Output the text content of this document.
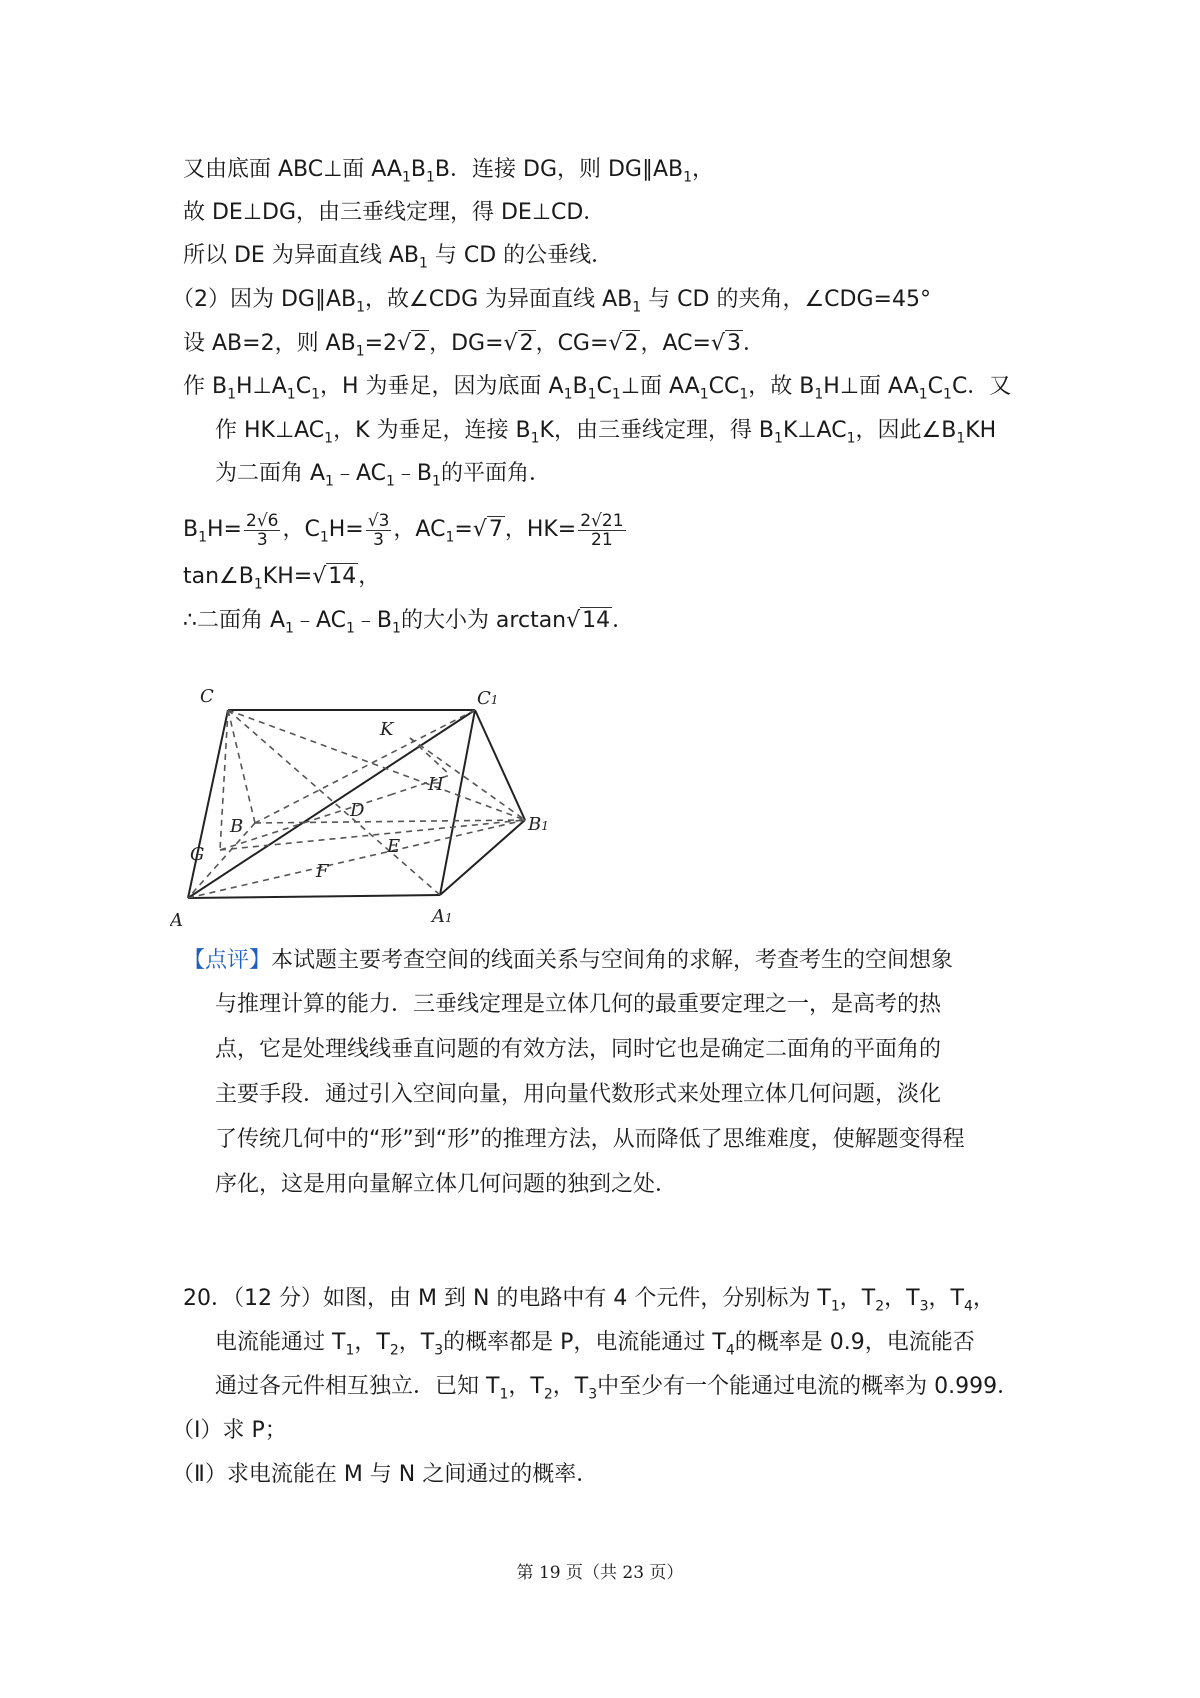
又由底面 ABC⊥面 $AA_1B_1B$．连接 DG，则 $DG\parallel AB_1$，
故 DE⊥DG，由三垂线定理，得 DE⊥CD．
所以 DE 为异面直线 $AB_1$ 与 CD 的公垂线．
（2）因为 $DG\parallel AB_1$，故∠CDG 为异面直线 $AB_1$ 与 CD 的夹角，∠CDG=45°
设 AB=2，则 $AB_1=2√2$，DG=√2，CG=√2，AC=√3．
作 $B_1H\perp A_1C_1$，H 为垂足，因为底面 $A_1B_1C_1\perp$面 $AA_1CC_1$，故 $B_1H\perp$面 $AA_1C_1C$．又
作 $HK\perp AC_1$，K 为垂足，连接 $B_1K$，由三垂线定理，得 $B_1K\perp AC_1$，因此$\angle B_1KH$
为二面角 $A_1﹣AC_1﹣B_1$的平面角．
$B_1H= \frac{2√6}{3}$ ，$C_1H= \frac{√3}{3}$ ，$AC_1=√7$，$HK= \frac{2√21}{21}$
$\tan\angle B_1KH=√14$，
∴二面角 $A_1﹣AC_1﹣B_1$的大小为 arctan√14．
C	C1
K
H
B
D
B1
G	E
F
A	A1
【点评】本试题主要考查空间的线面关系与空间角的求解，考查考生的空间想象
与推理计算的能力．三垂线定理是立体几何的最重要定理之一，是高考的热
点，它是处理线线垂直问题的有效方法，同时它也是确定二面角的平面角的
主要手段．通过引入空间向量，用向量代数形式来处理立体几何问题，淡化
了传统几何中的“形”到“形”的推理方法，从而降低了思维难度，使解题变得程
序化，这是用向量解立体几何问题的独到之处．
20．（12 分）如图，由 M 到 N 的电路中有 4 个元件，分别标为 $T_1$，$T_2$，$T_3$，$T_4$，
电流能通过 $T_1$，$T_2$，$T_3$的概率都是 P，电流能通过 $T_4$的概率是 0.9，电流能否
通过各元件相互独立．已知 $T_1$，$T_2$，$T_3$中至少有一个能通过电流的概率为 0.999．
（Ⅰ）求 P；
（Ⅱ）求电流能在 M 与 N 之间通过的概率．
第 19 页（共 23 页）
